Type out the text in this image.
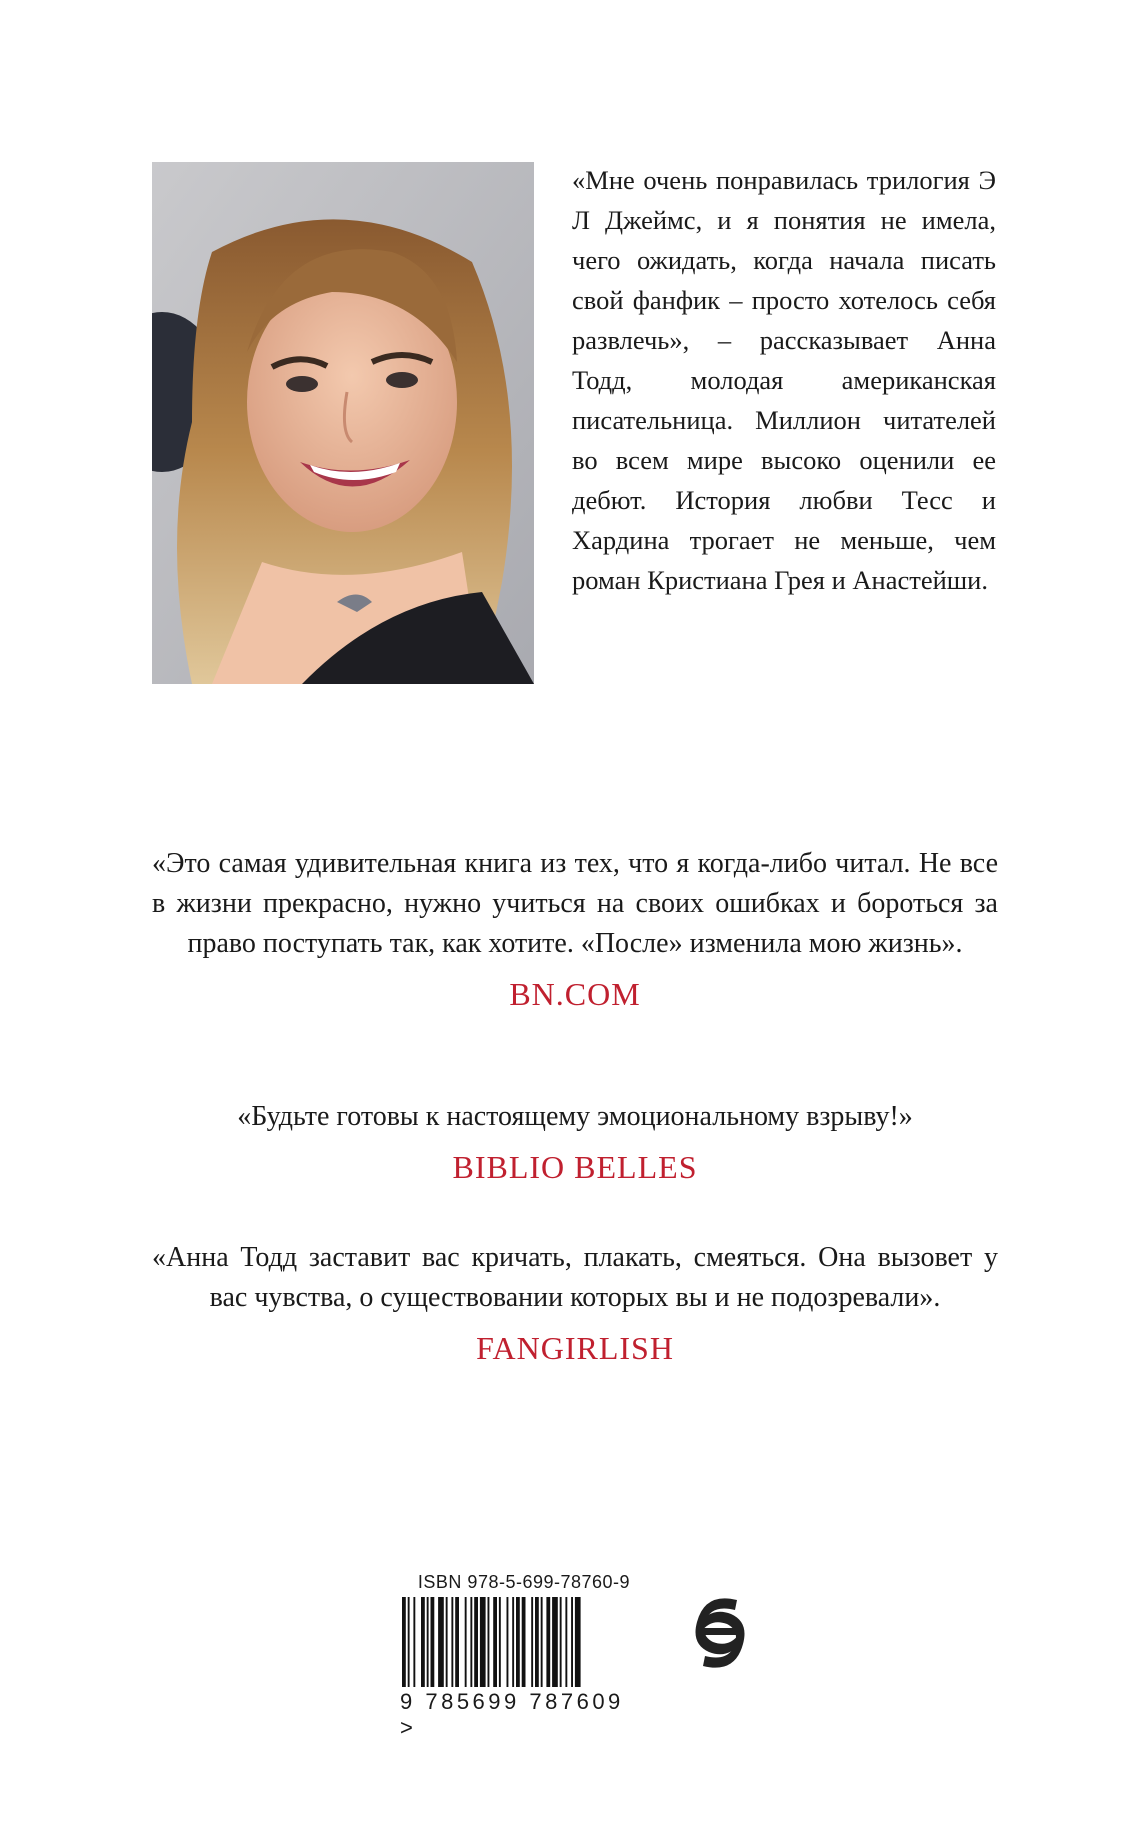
«Мне очень понравилась трилогия Э Л Джеймс, и я понятия не имела, чего ожидать, когда начала писать свой фанфик – просто хотелось себя развлечь», – рассказывает Анна Тодд, молодая американская писательница. Миллион читателей во всем мире высоко оценили ее дебют. История любви Тесс и Хардина трогает не меньше, чем роман Кристиана Грея и Анастейши.
«Это самая удивительная книга из тех, что я когда-либо читал. Не все в жизни прекрасно, нужно учиться на своих ошибках и бороться за право поступать так, как хотите. «После» изменила мою жизнь».
BN.COM
«Будьте готовы к настоящему эмоциональному взрыву!»
BIBLIO BELLES
«Анна Тодд заставит вас кричать, плакать, смеяться. Она вызовет у вас чувства, о существовании которых вы и не подозревали».
FANGIRLISH
ISBN 978-5-699-78760-9
9 785699 787609 >
